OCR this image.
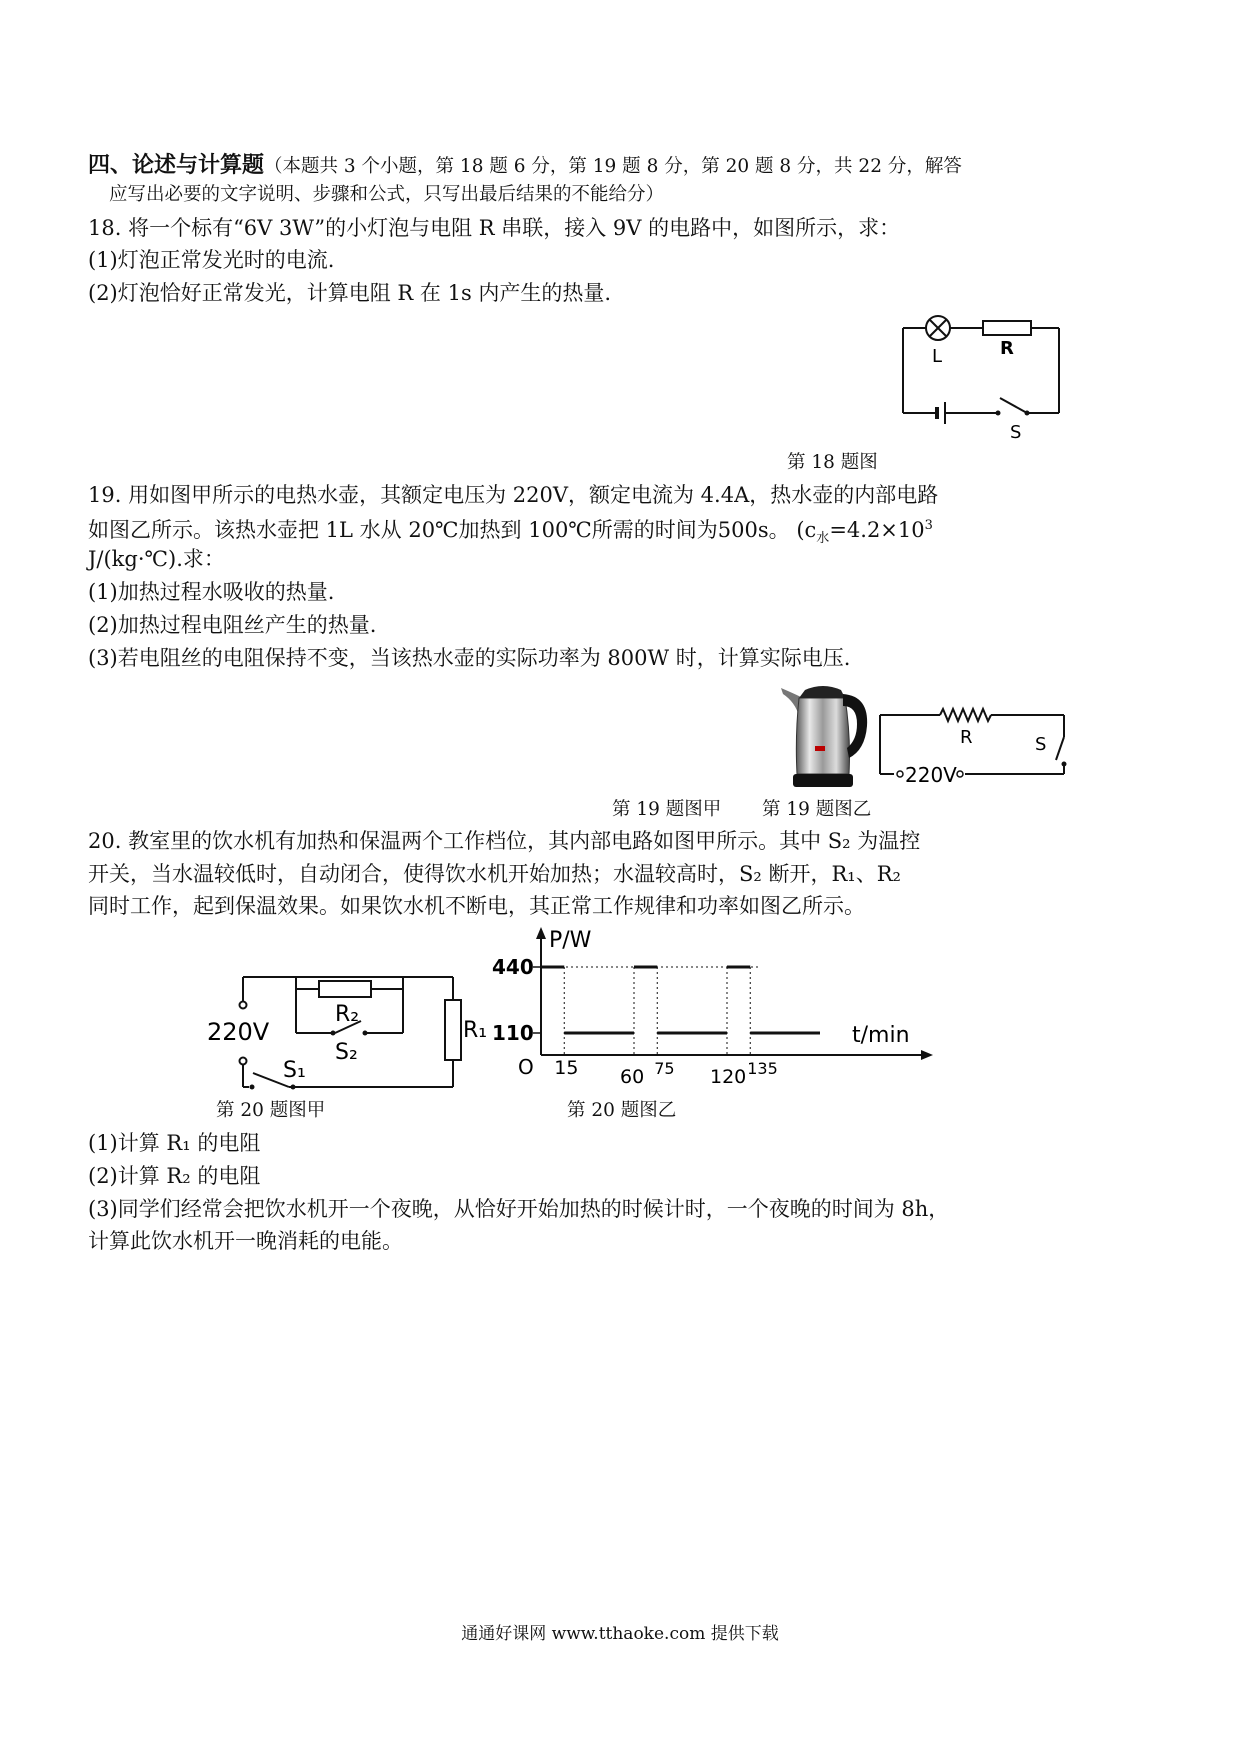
四、论述与计算题（本题共 3 个小题，第 18 题 6 分，第 19 题 8 分，第 20 题 8 分，共 22 分，解答
应写出必要的文字说明、步骤和公式，只写出最后结果的不能给分）
18. 将一个标有“6V 3W”的小灯泡与电阻 R 串联，接入 9V 的电路中，如图所示，求：
(1)灯泡正常发光时的电流.
(2)灯泡恰好正常发光，计算电阻 R 在 1s 内产生的热量.
L	R
S
第 18 题图
19. 用如图甲所示的电热水壶，其额定电压为 220V，额定电流为 4.4A，热水壶的内部电路
如图乙所示。该热水壶把 1L 水从 20℃加热到 100℃所需的时间为500s。 ($c_水=4.2\times 10^3$
J/(kg·℃).求：
(1)加热过程水吸收的热量.
(2)加热过程电阻丝产生的热量.
(3)若电阻丝的电阻保持不变，当该热水壶的实际功率为 800W 时，计算实际电压.
R	S
220V
第 19 题图甲 第 19 题图乙
20. 教室里的饮水机有加热和保温两个工作档位，其内部电路如图甲所示。其中 S₂ 为温控
开关，当水温较低时，自动闭合，使得饮水机开始加热；水温较高时，S₂ 断开，R₁、R₂
同时工作，起到保温效果。如果饮水机不断电，其正常工作规律和功率如图乙所示。
220V
R₂
S₂
R₁
S₁
第 20 题图甲
P/W
t/min
O
110
440
15 60 75 120 135
第 20 题图乙
(1)计算 R₁ 的电阻
(2)计算 R₂ 的电阻
(3)同学们经常会把饮水机开一个夜晚，从恰好开始加热的时候计时，一个夜晚的时间为 8h，
计算此饮水机开一晚消耗的电能。
通通好课网 www.tthaoke.com 提供下载
